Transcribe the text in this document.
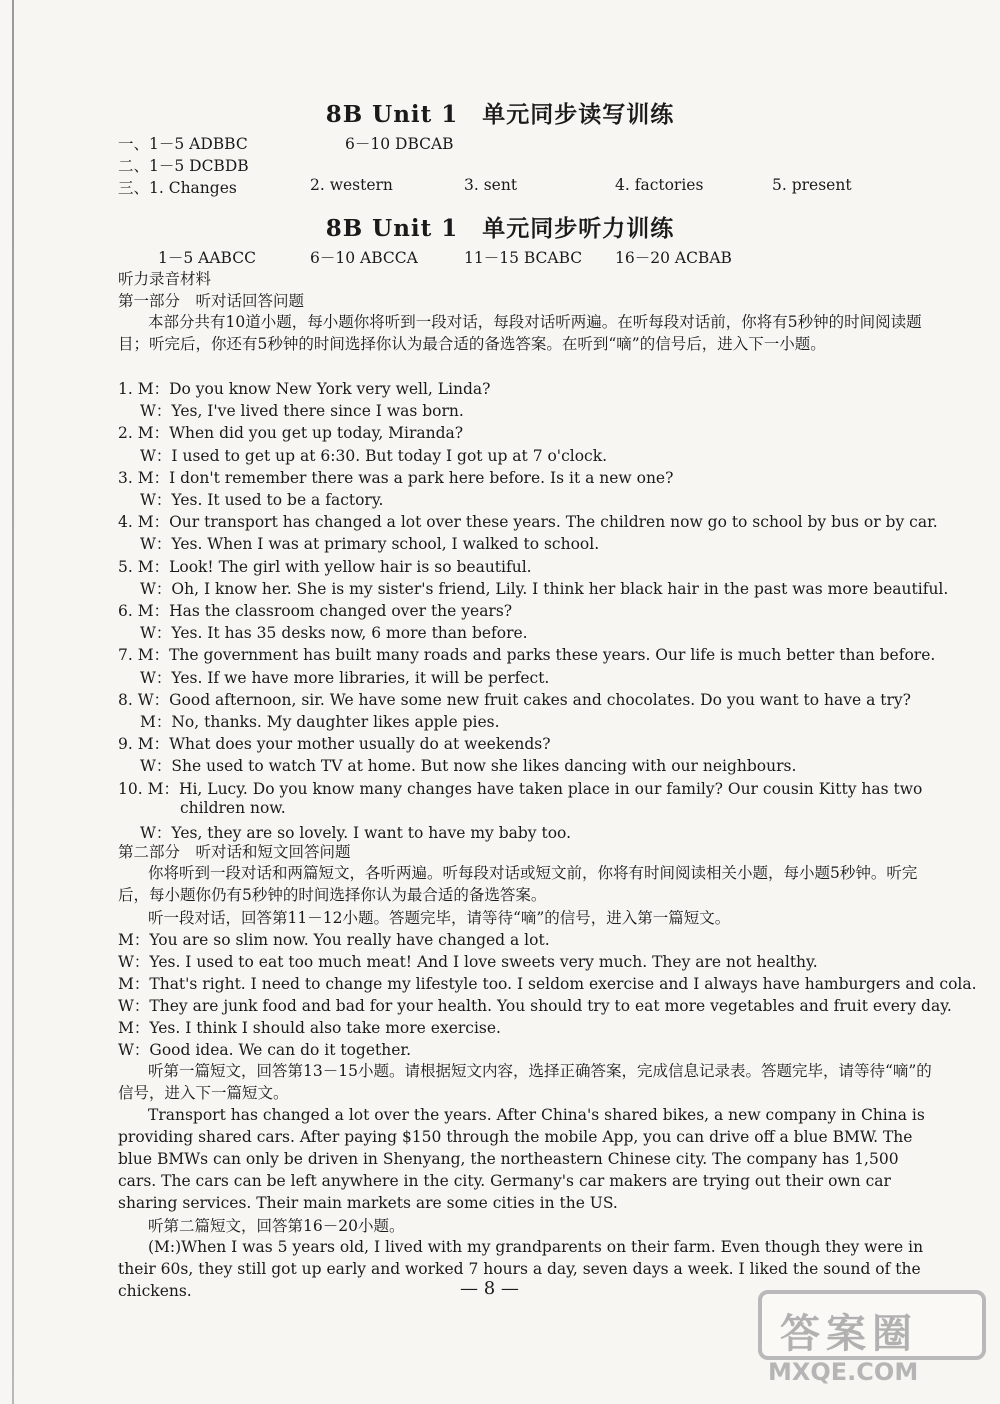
8B Unit 1　单元同步读写训练
一、1－5 ADBBC	6－10 DBCAB
二、1－5 DCBDB
三、1. Changes	2. western	3. sent	4. factories	5. present
8B Unit 1　单元同步听力训练
1－5 AABCC	6－10 ABCCA	11－15 BCABC 16－20 ACBAB
听力录音材料
第一部分　听对话回答问题
本部分共有10道小题，每小题你将听到一段对话，每段对话听两遍。在听每段对话前，你将有5秒钟的时间阅读题目；听完后，你还有5秒钟的时间选择你认为最合适的备选答案。在听到“嘀”的信号后，进入下一小题。
1. M：Do you know New York very well, Linda?
W：Yes, I've lived there since I was born.
2. M：When did you get up today, Miranda?
W：I used to get up at 6:30. But today I got up at 7 o'clock.
3. M：I don't remember there was a park here before. Is it a new one?
W：Yes. It used to be a factory.
4. M：Our transport has changed a lot over these years. The children now go to school by bus or by car.
W：Yes. When I was at primary school, I walked to school.
5. M：Look! The girl with yellow hair is so beautiful.
W：Oh, I know her. She is my sister's friend, Lily. I think her black hair in the past was more beautiful.
6. M：Has the classroom changed over the years?
W：Yes. It has 35 desks now, 6 more than before.
7. M：The government has built many roads and parks these years. Our life is much better than before.
W：Yes. If we have more libraries, it will be perfect.
8. W：Good afternoon, sir. We have some new fruit cakes and chocolates. Do you want to have a try?
M：No, thanks. My daughter likes apple pies.
9. M：What does your mother usually do at weekends?
W：She used to watch TV at home. But now she likes dancing with our neighbours.
10. M：Hi, Lucy. Do you know many changes have taken place in our family? Our cousin Kitty has two
children now.
W：Yes, they are so lovely. I want to have my baby too.
第二部分　听对话和短文回答问题
你将听到一段对话和两篇短文，各听两遍。听每段对话或短文前，你将有时间阅读相关小题，每小题5秒钟。听完后，每小题你仍有5秒钟的时间选择你认为最合适的备选答案。
听一段对话，回答第11－12小题。答题完毕，请等待“嘀”的信号，进入第一篇短文。
M：You are so slim now. You really have changed a lot.
W：Yes. I used to eat too much meat! And I love sweets very much. They are not healthy.
M：That's right. I need to change my lifestyle too. I seldom exercise and I always have hamburgers and cola.
W：They are junk food and bad for your health. You should try to eat more vegetables and fruit every day.
M：Yes. I think I should also take more exercise.
W：Good idea. We can do it together.
听第一篇短文，回答第13－15小题。请根据短文内容，选择正确答案，完成信息记录表。答题完毕，请等待“嘀”的信号，进入下一篇短文。
Transport has changed a lot over the years. After China's shared bikes, a new company in China is providing shared cars. After paying $150 through the mobile App, you can drive off a blue BMW. The blue BMWs can only be driven in Shenyang, the northeastern Chinese city. The company has 1,500 cars. The cars can be left anywhere in the city. Germany's car makers are trying out their own car sharing services. Their main markets are some cities in the US.
听第二篇短文，回答第16－20小题。
(M:)When I was 5 years old, I lived with my grandparents on their farm. Even though they were in their 60s, they still got up early and worked 7 hours a day, seven days a week. I liked the sound of the chickens.	— 8 —
答案圈
MXQE.COM
